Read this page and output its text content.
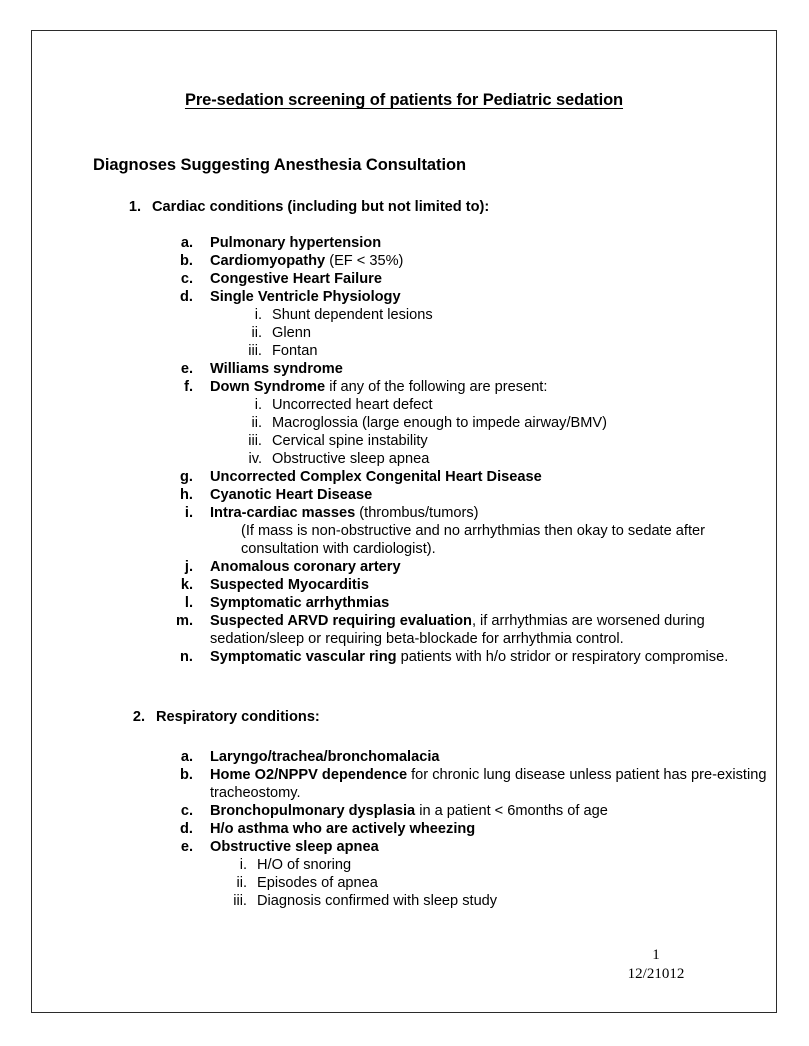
Pre-sedation screening of patients for Pediatric sedation
Diagnoses Suggesting Anesthesia Consultation
1. Cardiac conditions (including but not limited to):
a. Pulmonary hypertension
b. Cardiomyopathy (EF < 35%)
c. Congestive Heart Failure
d. Single Ventricle Physiology
i. Shunt dependent lesions
ii. Glenn
iii. Fontan
e. Williams syndrome
f. Down Syndrome if any of the following are present:
i. Uncorrected heart defect
ii. Macroglossia (large enough to impede airway/BMV)
iii. Cervical spine instability
iv. Obstructive sleep apnea
g. Uncorrected Complex Congenital Heart Disease
h. Cyanotic Heart Disease
i. Intra-cardiac masses (thrombus/tumors)
(If mass is non-obstructive and no arrhythmias then okay to sedate after consultation with cardiologist).
j. Anomalous coronary artery
k. Suspected Myocarditis
l. Symptomatic arrhythmias
m. Suspected ARVD requiring evaluation, if arrhythmias are worsened during sedation/sleep or requiring beta-blockade for arrhythmia control.
n. Symptomatic vascular ring patients with h/o stridor or respiratory compromise.
2. Respiratory conditions:
a. Laryngo/trachea/bronchomalacia
b. Home O2/NPPV dependence for chronic lung disease unless patient has pre-existing tracheostomy.
c. Bronchopulmonary dysplasia in a patient < 6months of age
d. H/o asthma who are actively wheezing
e. Obstructive sleep apnea
i. H/O of snoring
ii. Episodes of apnea
iii. Diagnosis confirmed with sleep study
1
12/21012
